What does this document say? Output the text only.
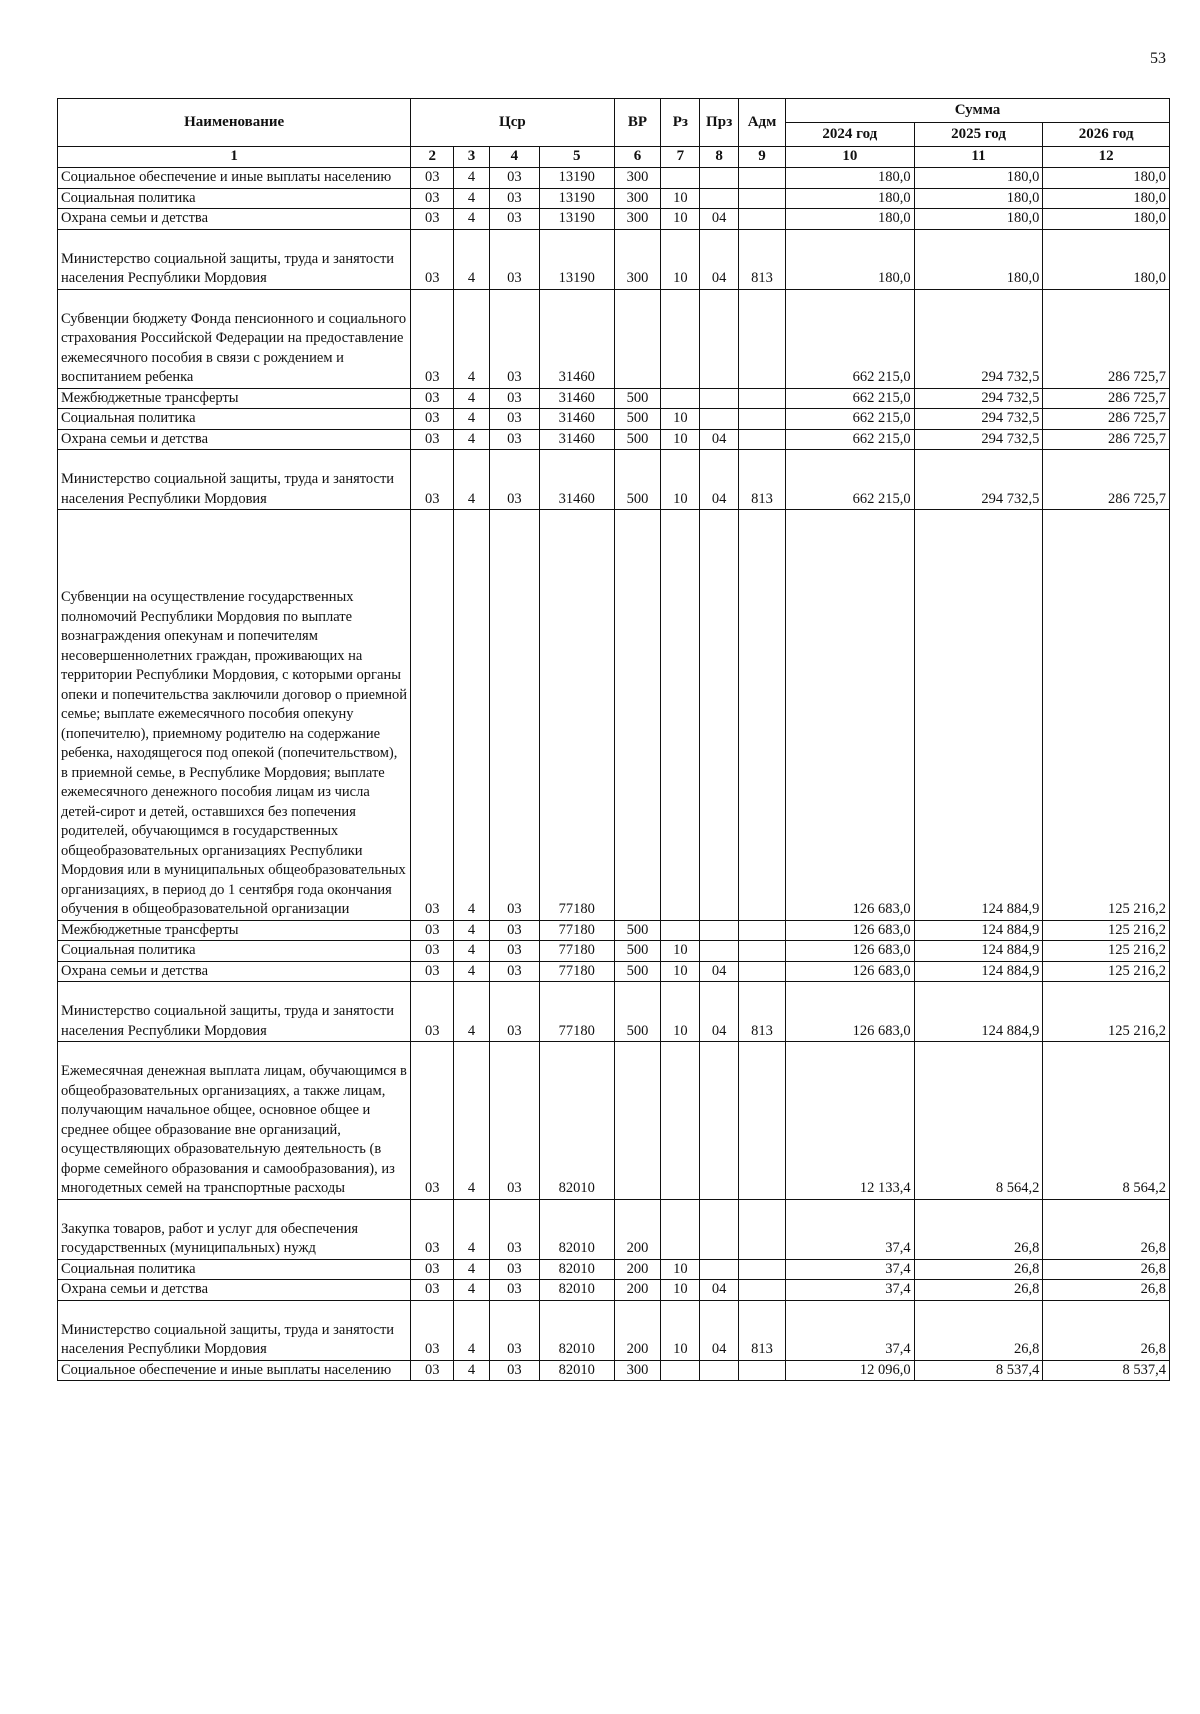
53
Наименование	Цср				ВР	Рз	Прз	Адм	Сумма		
									2024 год	2025 год	2026 год
1	2	3	4	5	6	7	8	9	10	11	12
Социальное обеспечение и иные выплаты населению	03	4	03	13190	300				180,0	180,0	180,0
Социальная политика	03	4	03	13190	300	10			180,0	180,0	180,0
Охрана семьи и детства	03	4	03	13190	300	10	04		180,0	180,0	180,0
Министерство социальной защиты, труда и занятости населения Республики Мордовия	03	4	03	13190	300	10	04	813	180,0	180,0	180,0
Субвенции бюджету Фонда пенсионного и социального страхования Российской Федерации на предоставление ежемесячного пособия в связи с рождением и воспитанием ребенка	03	4	03	31460					662 215,0	294 732,5	286 725,7
Межбюджетные трансферты	03	4	03	31460	500				662 215,0	294 732,5	286 725,7
Социальная политика	03	4	03	31460	500	10			662 215,0	294 732,5	286 725,7
Охрана семьи и детства	03	4	03	31460	500	10	04		662 215,0	294 732,5	286 725,7
Министерство социальной защиты, труда и занятости населения Республики Мордовия	03	4	03	31460	500	10	04	813	662 215,0	294 732,5	286 725,7
Субвенции на осуществление государственных полномочий Республики Мордовия по выплате вознаграждения опекунам и попечителям несовершеннолетних граждан, проживающих на территории Республики Мордовия, с которыми органы опеки и попечительства заключили договор о приемной семье; выплате ежемесячного пособия опекуну (попечителю), приемному родителю на содержание ребенка, находящегося под опекой (попечительством), в приемной семье, в Республике Мордовия; выплате ежемесячного денежного пособия лицам из числа детей-сирот и детей, оставшихся без попечения родителей, обучающимся в государственных общеобразовательных организациях Республики Мордовия или в муниципальных общеобразовательных организациях, в период до 1 сентября года окончания обучения в общеобразовательной организации	03	4	03	77180					126 683,0	124 884,9	125 216,2
Межбюджетные трансферты	03	4	03	77180	500				126 683,0	124 884,9	125 216,2
Социальная политика	03	4	03	77180	500	10			126 683,0	124 884,9	125 216,2
Охрана семьи и детства	03	4	03	77180	500	10	04		126 683,0	124 884,9	125 216,2
Министерство социальной защиты, труда и занятости населения Республики Мордовия	03	4	03	77180	500	10	04	813	126 683,0	124 884,9	125 216,2
Ежемесячная денежная выплата лицам, обучающимся в общеобразовательных организациях, а также лицам, получающим начальное общее, основное общее и среднее общее образование вне организаций, осуществляющих образовательную деятельность (в форме семейного образования и самообразования), из многодетных семей на транспортные расходы	03	4	03	82010					12 133,4	8 564,2	8 564,2
Закупка товаров, работ и услуг для обеспечения государственных (муниципальных) нужд	03	4	03	82010	200				37,4	26,8	26,8
Социальная политика	03	4	03	82010	200	10			37,4	26,8	26,8
Охрана семьи и детства	03	4	03	82010	200	10	04		37,4	26,8	26,8
Министерство социальной защиты, труда и занятости населения Республики Мордовия	03	4	03	82010	200	10	04	813	37,4	26,8	26,8
Социальное обеспечение и иные выплаты населению	03	4	03	82010	300				12 096,0	8 537,4	8 537,4
